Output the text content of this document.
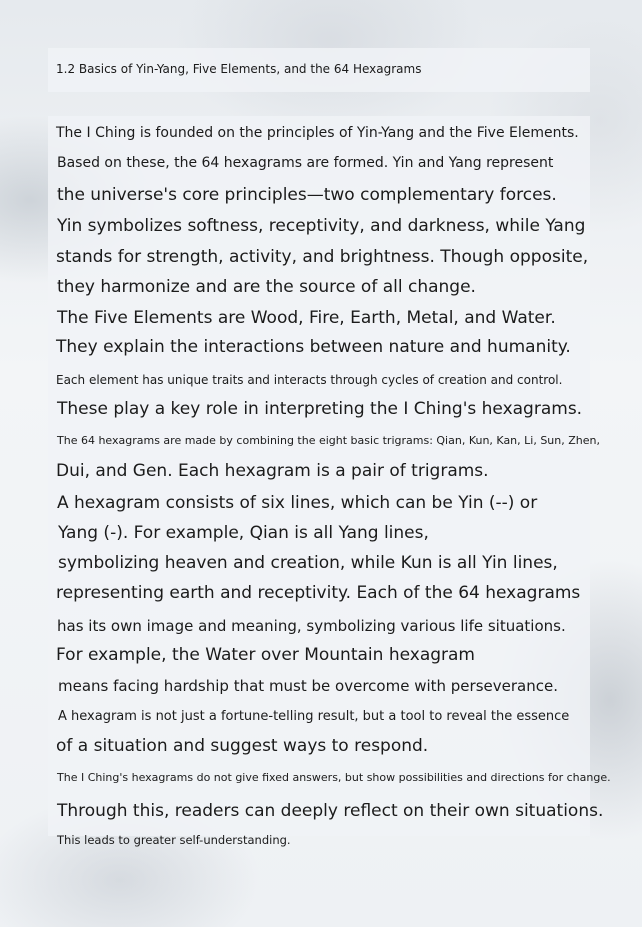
1.2 Basics of Yin-Yang, Five Elements, and the 64 Hexagrams
The I Ching is founded on the principles of Yin-Yang and the Five Elements.
Based on these, the 64 hexagrams are formed. Yin and Yang represent
the universe's core principles—two complementary forces.
Yin symbolizes softness, receptivity, and darkness, while Yang
stands for strength, activity, and brightness. Though opposite,
they harmonize and are the source of all change.
The Five Elements are Wood, Fire, Earth, Metal, and Water.
They explain the interactions between nature and humanity.
Each element has unique traits and interacts through cycles of creation and control.
These play a key role in interpreting the I Ching's hexagrams.
The 64 hexagrams are made by combining the eight basic trigrams: Qian, Kun, Kan, Li, Sun, Zhen,
Dui, and Gen. Each hexagram is a pair of trigrams.
A hexagram consists of six lines, which can be Yin (--) or
Yang (-). For example, Qian is all Yang lines,
symbolizing heaven and creation, while Kun is all Yin lines,
representing earth and receptivity. Each of the 64 hexagrams
has its own image and meaning, symbolizing various life situations.
For example, the Water over Mountain hexagram
means facing hardship that must be overcome with perseverance.
A hexagram is not just a fortune-telling result, but a tool to reveal the essence
of a situation and suggest ways to respond.
The I Ching's hexagrams do not give fixed answers, but show possibilities and directions for change.
Through this, readers can deeply reflect on their own situations.
This leads to greater self-understanding.
